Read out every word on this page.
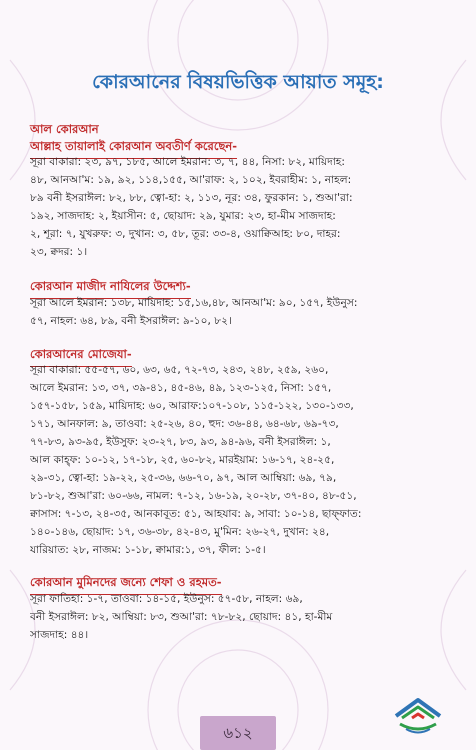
কোরআনের বিষয়ভিত্তিক আয়াত সমূহ:
আল কোরআন
আল্লাহ তায়ালাই কোরআন অবতীর্ণ করেছেন-
সূরা বাকারা: ২৩, ৯৭, ১৮৫, আলে ইমরান: ৩, ৭, ৪৪, নিসা: ৮২, মায়িদাহ:
৪৮, আনআ'ম: ১৯, ৯২, ১১৪,১৫৫, আ'রাফ: ২, ১০২, ইবরাহীম: ১, নাহল:
৮৯ বনী ইসরাঈল: ৮২, ৮৮, ত্বো-হা: ২, ১১৩, নূর: ৩৪, ফুরকান: ১, শুআ'রা:
১৯২, সাজদাহ: ২, ইয়াসীন: ৫, ছোয়াদ: ২৯, যুমার: ২৩, হা-মীম সাজদাহ:
২, শূরা: ৭, যুখরুফ: ৩, দুখান: ৩, ৫৮, তূর: ৩৩-৪, ওয়াক্বিআহ: ৮০, দাহর:
২৩, ক্বদর: ১।
কোরআন মাজীদ নাযিলের উদ্দেশ্য-
সূরা আলে ইমরান: ১৩৮, মায়িদাহ: ১৫,১৬,৪৮, আনআ'ম: ৯০, ১৫৭, ইউনুস:
৫৭, নাহল: ৬৪, ৮৯, বনী ইসরাঈল: ৯-১০, ৮২।
কোরআনের মোজেযা-
সূরা বাকারা: ৫৫-৫৭, ৬০, ৬৩, ৬৫, ৭২-৭৩, ২৪৩, ২৪৮, ২৫৯, ২৬০,
আলে ইমরান: ১৩, ৩৭, ৩৯-৪১, ৪৫-৪৬, ৪৯, ১২৩-১২৫, নিসা: ১৫৭,
১৫৭-১৫৮, ১৫৯, মায়িদাহ: ৬০, আরাফ:১০৭-১০৮, ১১৫-১২২, ১৩০-১৩৩,
১৭১, আনফাল: ৯, তাওবা: ২৫-২৬, ৪০, হুদ: ৩৬-৪৪, ৬৪-৬৮, ৬৯-৭৩,
৭৭-৮৩, ৯৩-৯৫, ইউসুফ: ২৩-২৭, ৮৩, ৯৩, ৯৪-৯৬, বনী ইসরাঈল: ১,
আল কাহ্ফ: ১০-১২, ১৭-১৮, ২৫, ৬০-৮২, মারইয়াম: ১৬-১৭, ২৪-২৫,
২৯-৩১, ত্বো-হা: ১৯-২২, ২৫-৩৬, ৬৬-৭০, ৯৭, আল আম্বিয়া: ৬৯, ৭৯,
৮১-৮২, শুআ'রা: ৬০-৬৬, নামল: ৭-১২, ১৬-১৯, ২০-২৮, ৩৭-৪০, ৪৮-৫১,
ক্বাসাস: ৭-১৩, ২৪-৩৫, আনকাবূত: ৫১, আহযাব: ৯, সাবা: ১০-১৪, ছাফ্ফাত:
১৪০-১৪৬, ছোয়াদ: ১৭, ৩৬-৩৮, ৪২-৪৩, মু'মিন: ২৬-২৭, দুখান: ২৪,
যারিয়াত: ২৮, নাজম: ১-১৮, ক্বামার:১, ৩৭, ফীল: ১-৫।
কোরআন মুমিনদের জন্যে শেফা ও রহমত-
সূরা ফাতিহা: ১-৭, তাওবা: ১৪-১৫, ইউনুস: ৫৭-৫৮, নাহল: ৬৯,
বনী ইসরাঈল: ৮২, আম্বিয়া: ৮৩, শুআ'রা: ৭৮-৮২, ছোয়াদ: ৪১, হা-মীম
সাজদাহ: ৪৪।
৬১২
